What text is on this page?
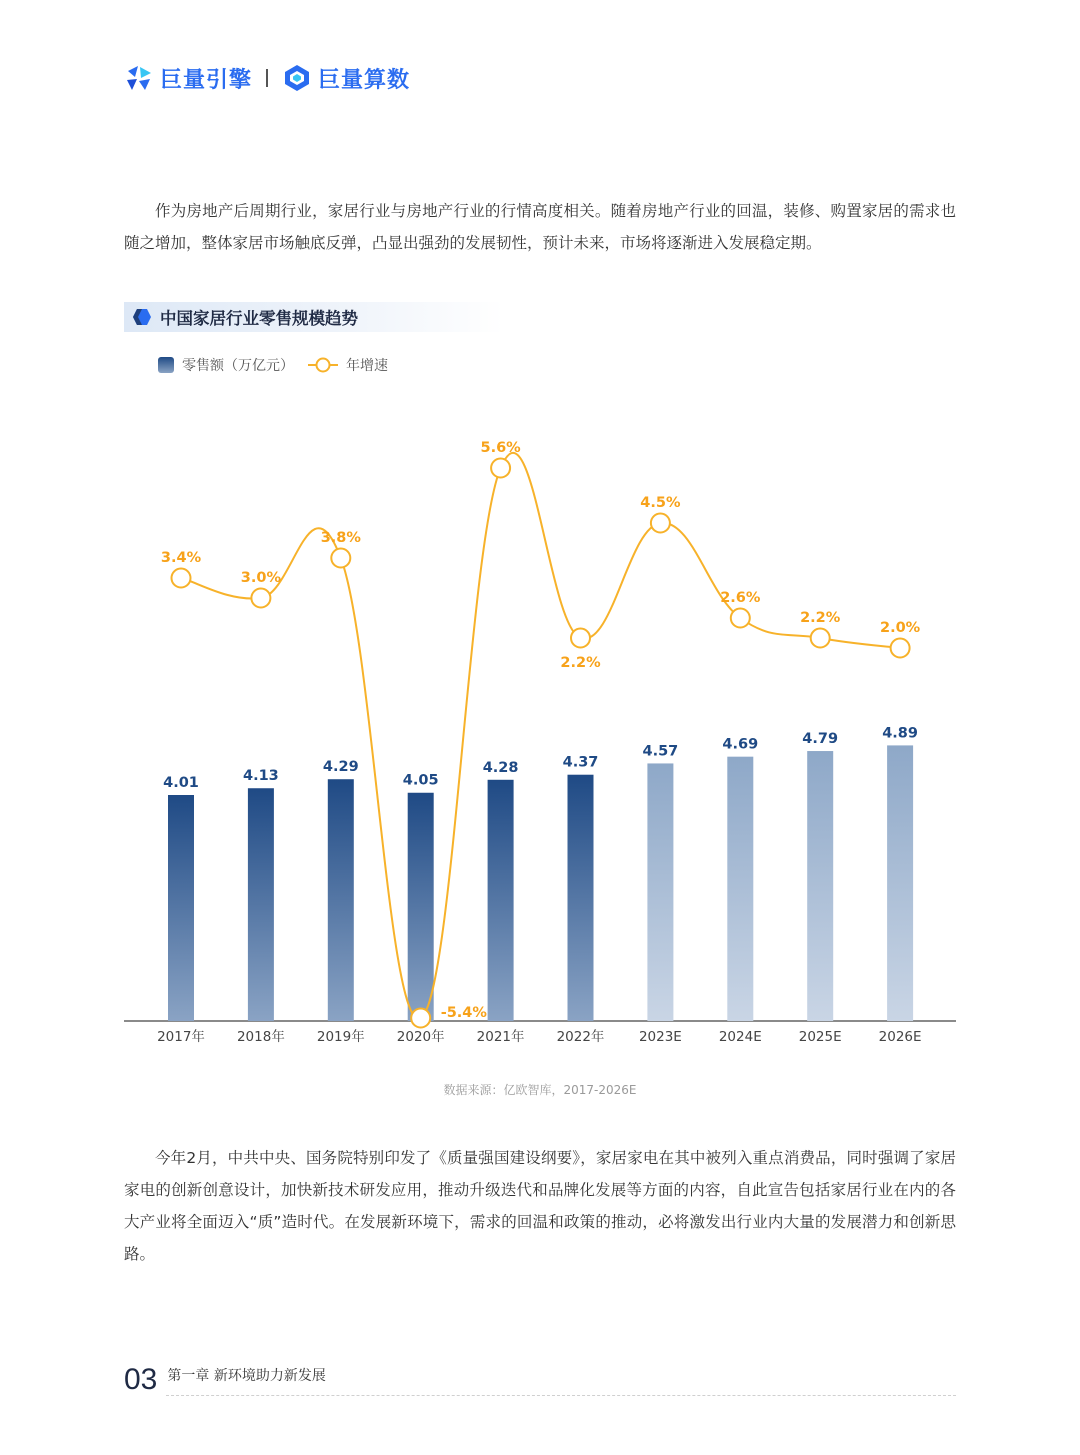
巨量引擎	巨量算数

作为房地产后周期行业，家居行业与房地产行业的行情高度相关。随着房地产行业的回温，装修、购置家居的需求也随之增加，整体家居市场触底反弹，凸显出强劲的发展韧性，预计未来，市场将逐渐进入发展稳定期。

中国家居行业零售规模趋势
零售额（万亿元）	年增速
4.01
2017年
4.13
2018年
4.29
2019年
4.05
2020年
4.28
2021年
4.37
2022年
4.57
2023E
4.69
2024E
4.79
2025E
4.89
2026E
3.4%
3.0%
3.8%
-5.4%
5.6%
2.2%
4.5%
2.6%
2.2%
2.0%
数据来源：亿欧智库，2017-2026E

今年2月，中共中央、国务院特别印发了《质量强国建设纲要》，家居家电在其中被列入重点消费品，同时强调了家居家电的创新创意设计，加快新技术研发应用，推动升级迭代和品牌化发展等方面的内容，自此宣告包括家居行业在内的各大产业将全面迈入“质”造时代。在发展新环境下，需求的回温和政策的推动，必将激发出行业内大量的发展潜力和创新思路。

03 第一章 新环境助力新发展
